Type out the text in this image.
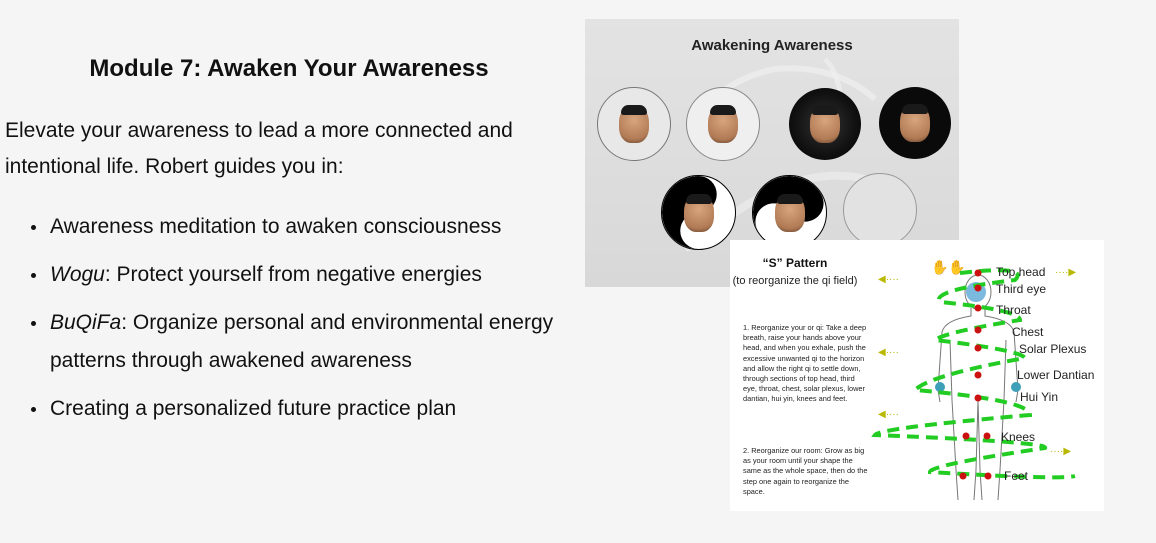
Module 7: Awaken Your Awareness

Elevate your awareness to lead a more connected and intentional life. Robert guides you in:

Awareness meditation to awaken consciousness
Wogu: Protect yourself from negative energies
BuQiFa: Organize personal and environmental energy patterns through awakened awareness
Creating a personalized future practice plan
Awakening Awareness
“S” Pattern
(to reorganize the qi field)

1. Reorganize your or qi: Take a deep breath, raise your hands above your head, and when you exhale, push the excessive unwanted qi to the horizon and allow the right qi to settle down, through sections of top head, third eye, throat, chest, solar plexus, lower dantian, hui yin, knees and feet.

2. Reorganize our room: Grow as big as your room until your shape the same as the whole space, then do the step one again to reorganize the space.

✋✋
◀····
····▶
◀····
◀····
····▶
Top head
Third eye
Throat
Chest
Solar Plexus
Lower Dantian
Hui Yin
Knees
Feet
